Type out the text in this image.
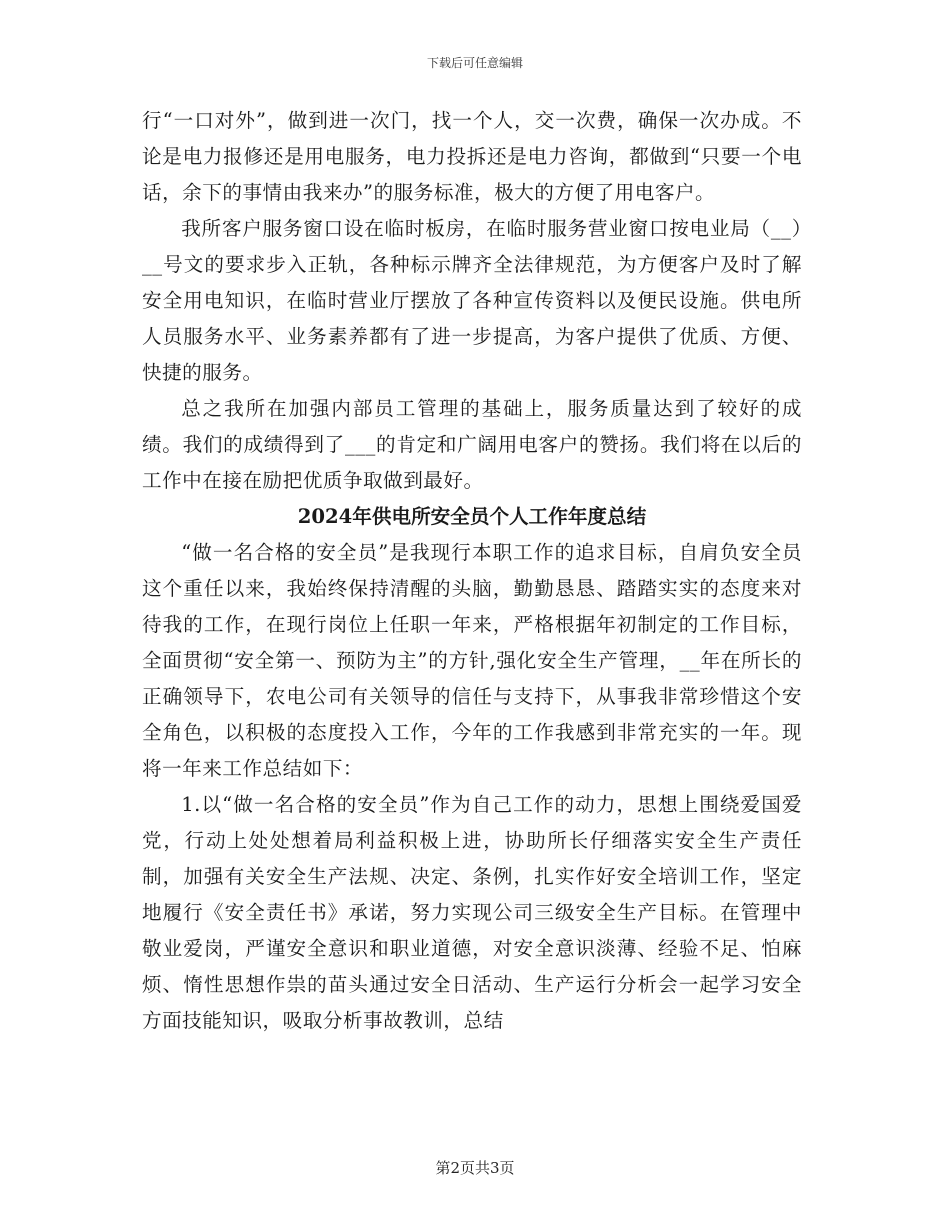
下载后可任意编辑

行“一口对外”，做到进一次门，找一个人，交一次费，确保一次办成。不论是电力报修还是用电服务，电力投拆还是电力咨询，都做到“只要一个电话，余下的事情由我来办”的服务标准，极大的方便了用电客户。

我所客户服务窗口设在临时板房，在临时服务营业窗口按电业局（__）__号文的要求步入正轨，各种标示牌齐全法律规范，为方便客户及时了解安全用电知识，在临时营业厅摆放了各种宣传资料以及便民设施。供电所人员服务水平、业务素养都有了进一步提高，为客户提供了优质、方便、快捷的服务。

总之我所在加强内部员工管理的基础上，服务质量达到了较好的成绩。我们的成绩得到了___的肯定和广阔用电客户的赞扬。我们将在以后的工作中在接在励把优质争取做到最好。

2024年供电所安全员个人工作年度总结

“做一名合格的安全员”是我现行本职工作的追求目标，自肩负安全员这个重任以来，我始终保持清醒的头脑，勤勤恳恳、踏踏实实的态度来对待我的工作，在现行岗位上任职一年来，严格根据年初制定的工作目标，全面贯彻“安全第一、预防为主”的方针,强化安全生产管理，__年在所长的正确领导下，农电公司有关领导的信任与支持下，从事我非常珍惜这个安全角色，以积极的态度投入工作，今年的工作我感到非常充实的一年。现将一年来工作总结如下：

1.以“做一名合格的安全员”作为自己工作的动力，思想上围绕爱国爱党，行动上处处想着局利益积极上进，协助所长仔细落实安全生产责任制，加强有关安全生产法规、决定、条例，扎实作好安全培训工作，坚定地履行《安全责任书》承诺，努力实现公司三级安全生产目标。在管理中敬业爱岗，严谨安全意识和职业道德，对安全意识淡薄、经验不足、怕麻烦、惰性思想作祟的苗头通过安全日活动、生产运行分析会一起学习安全方面技能知识，吸取分析事故教训，总结

第2页共3页
